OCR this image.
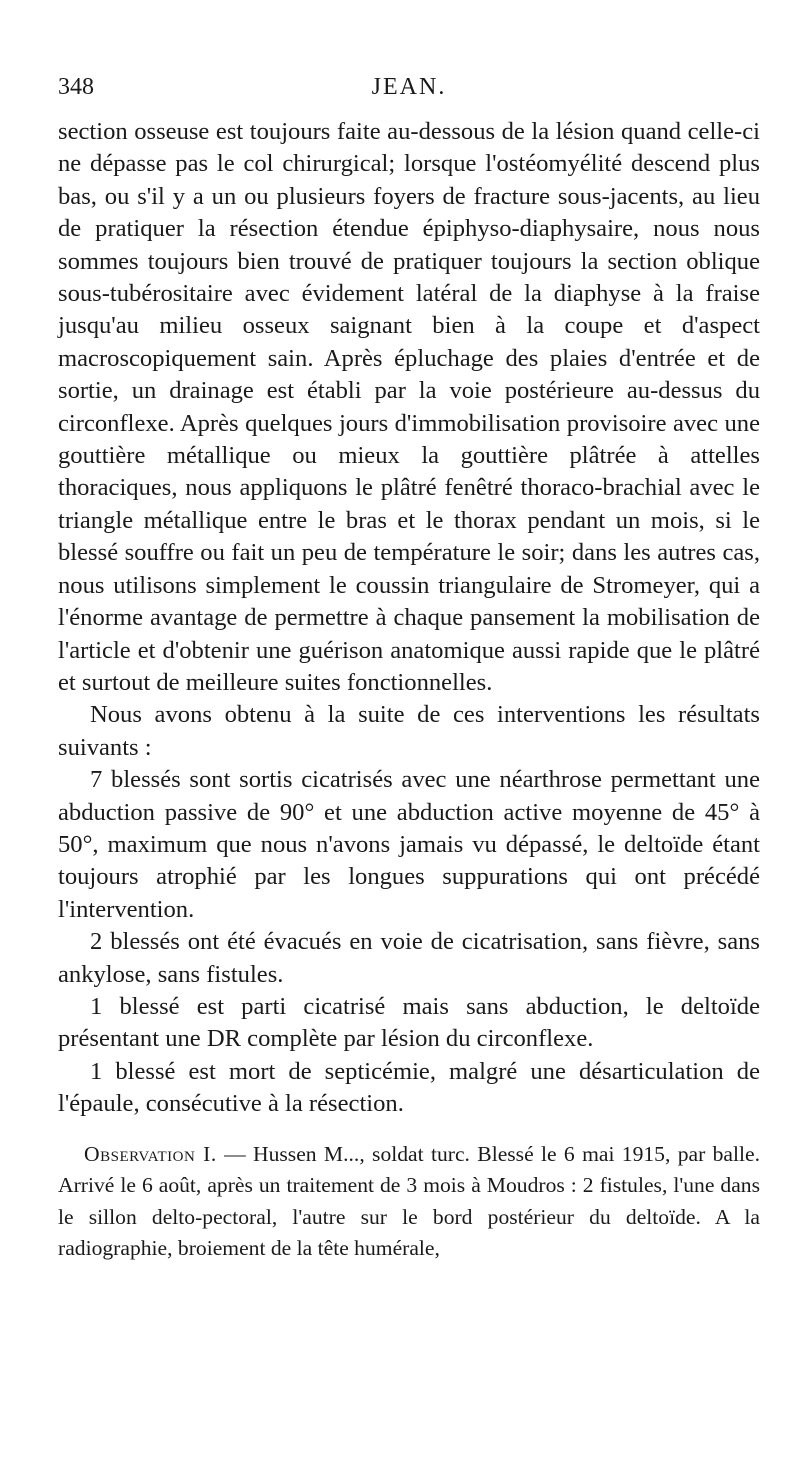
348	JEAN.

section osseuse est toujours faite au-dessous de la lésion quand celle-ci ne dépasse pas le col chirurgical; lorsque l'ostéomyélité descend plus bas, ou s'il y a un ou plusieurs foyers de fracture sous-jacents, au lieu de pratiquer la résection étendue épiphyso-diaphysaire, nous nous sommes toujours bien trouvé de pratiquer toujours la section oblique sous-tubérositaire avec évidement latéral de la diaphyse à la fraise jusqu'au milieu osseux saignant bien à la coupe et d'aspect macroscopiquement sain. Après épluchage des plaies d'entrée et de sortie, un drainage est établi par la voie postérieure au-dessus du circonflexe. Après quelques jours d'immobilisation provisoire avec une gouttière métallique ou mieux la gouttière plâtrée à attelles thoraciques, nous appliquons le plâtré fenêtré thoraco-brachial avec le triangle métallique entre le bras et le thorax pendant un mois, si le blessé souffre ou fait un peu de température le soir; dans les autres cas, nous utilisons simplement le coussin triangulaire de Stromeyer, qui a l'énorme avantage de permettre à chaque pansement la mobilisation de l'article et d'obtenir une guérison anatomique aussi rapide que le plâtré et surtout de meilleure suites fonctionnelles.

Nous avons obtenu à la suite de ces interventions les résultats suivants :

7 blessés sont sortis cicatrisés avec une néarthrose permettant une abduction passive de 90° et une abduction active moyenne de 45° à 50°, maximum que nous n'avons jamais vu dépassé, le deltoïde étant toujours atrophié par les longues suppurations qui ont précédé l'intervention.

2 blessés ont été évacués en voie de cicatrisation, sans fièvre, sans ankylose, sans fistules.

1 blessé est parti cicatrisé mais sans abduction, le deltoïde présentant une DR complète par lésion du circonflexe.

1 blessé est mort de septicémie, malgré une désarticulation de l'épaule, consécutive à la résection.

Observation I. — Hussen M..., soldat turc. Blessé le 6 mai 1915, par balle. Arrivé le 6 août, après un traitement de 3 mois à Moudros : 2 fistules, l'une dans le sillon delto-pectoral, l'autre sur le bord postérieur du deltoïde. A la radiographie, broiement de la tête humérale,
